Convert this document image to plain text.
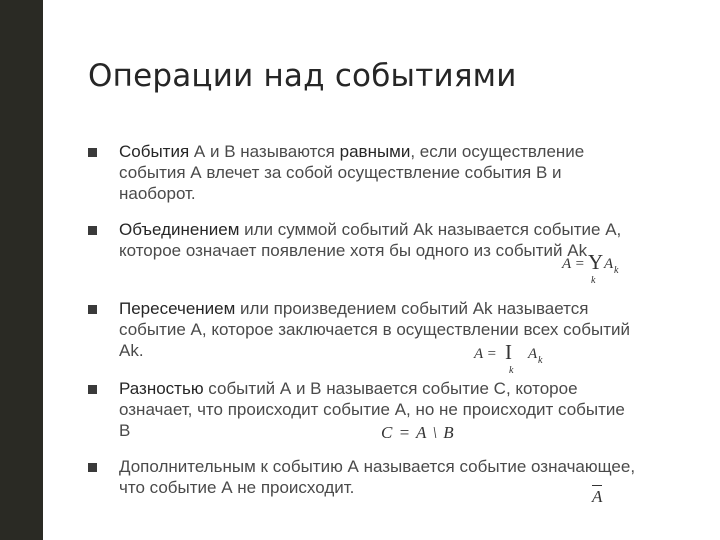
Операции над событиями
События А и В называются равными, если осуществление события А влечет за собой осуществление события В и наоборот.
Объединением или суммой событий Ak называется событие А, которое означает появление хотя бы одного из событий Ak
A = Y
k
A k
Пересечением или произведением событий Ak называется событие А, которое заключается в осуществлении всех событий Ak.	A = I
k
A k
Разностью событий А и В называется событие С, которое означает, что происходит событие А, но не происходит событие В	C = A \ B
Дополнительным к событию А называется событие означающее, что событие А не происходит.	A
